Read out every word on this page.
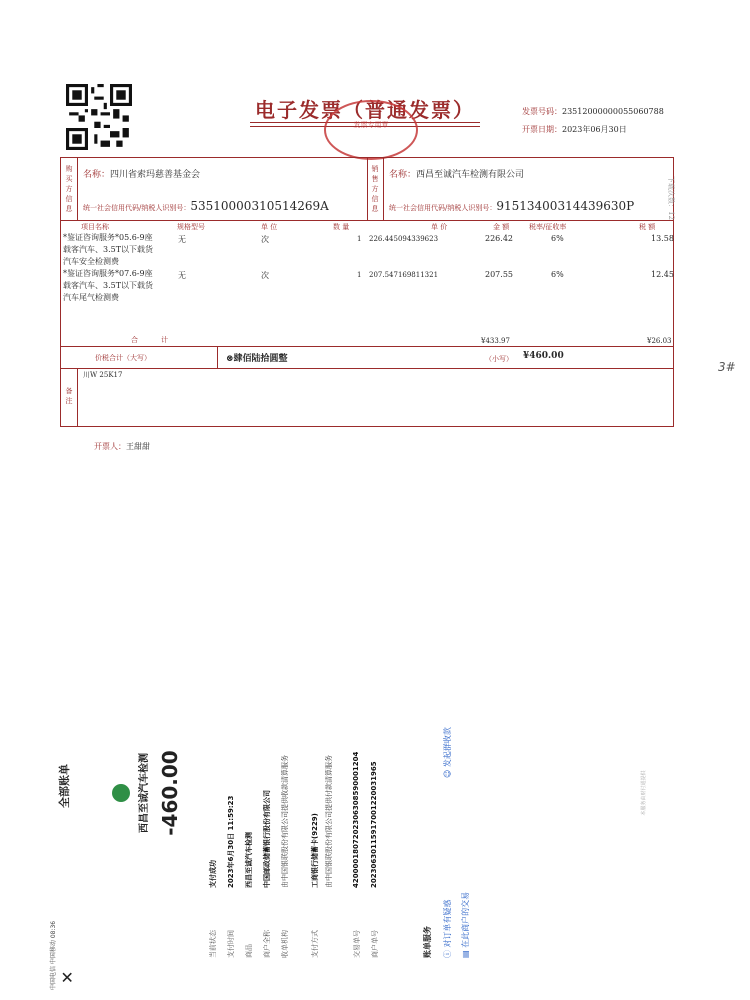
电子发票（普通发票）
发票专用章
发票号码：23512000000055060788
开票日期：2023年06月30日
购买方信息
名称：四川省索玛慈善基金会
统一社会信用代码/纳税人识别号：53510000310514269A
销售方信息
名称：西昌至诚汽车检测有限公司
统一社会信用代码/纳税人识别号：91513400314439630P
项目名称	规格型号	单 位	数 量	单 价	金 额	税率/征收率	税 额
*鉴证咨询服务*05.6-9座
载客汽车、3.5T以下载货
汽车安全检测费
无	次	1 226.445094339623	226.42	6%	13.58
*鉴证咨询服务*07.6-9座
载客汽车、3.5T以下载货
汽车尾气检测费
无	次	1 207.547169811321	207.55	6%	12.45
合　　计	¥433.97	¥26.03
价税合计（大写）	⊗肆佰陆拾圆整	（小写） ¥460.00
备注
川W 25K17
下载次数：12
3#
开票人：王甜甜
中国电信 中国移动 08:36 ✕
全部账单	西昌至诚汽车检测 -460.00
当前状态
支付成功
支付时间
2023年6月30日 11:59:23
商品
西昌至诚汽车检测
商户全称
中国邮政储蓄银行股份有限公司
收单机构
由中国银联股份有限公司提供收款清算服务
支付方式
工商银行储蓄卡(9229) 由中国银联股份有限公司提供付款清算服务
交易单号
4200001807202306308590001204
商户单号
20230630115917001220031965
账单服务 ⓘ 对订单有疑惑
☺ 发起群收款
▤ 在此商户的交易
本服务由财付通提供
